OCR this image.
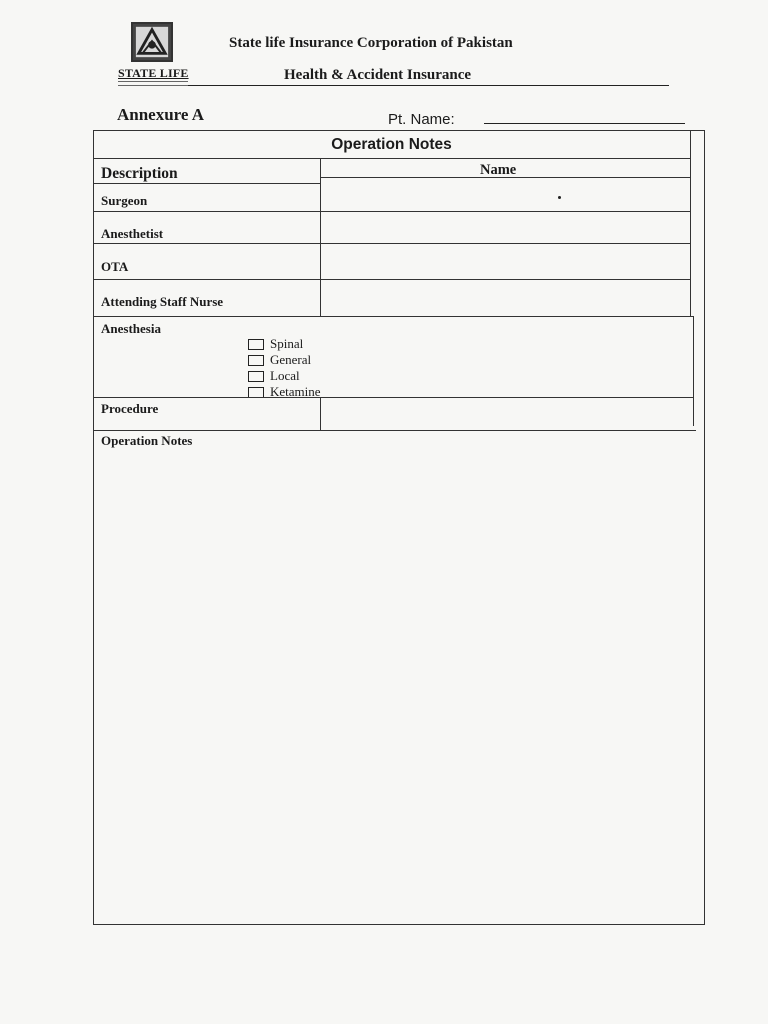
STATE LIFE
State life Insurance Corporation of Pakistan
Health & Accident Insurance
Annexure A	Pt. Name:
Operation Notes
Description	Name
Surgeon
Anesthetist
OTA
Attending Staff Nurse
Anesthesia
Spinal
General
Local
Ketamine
Procedure
Operation Notes
